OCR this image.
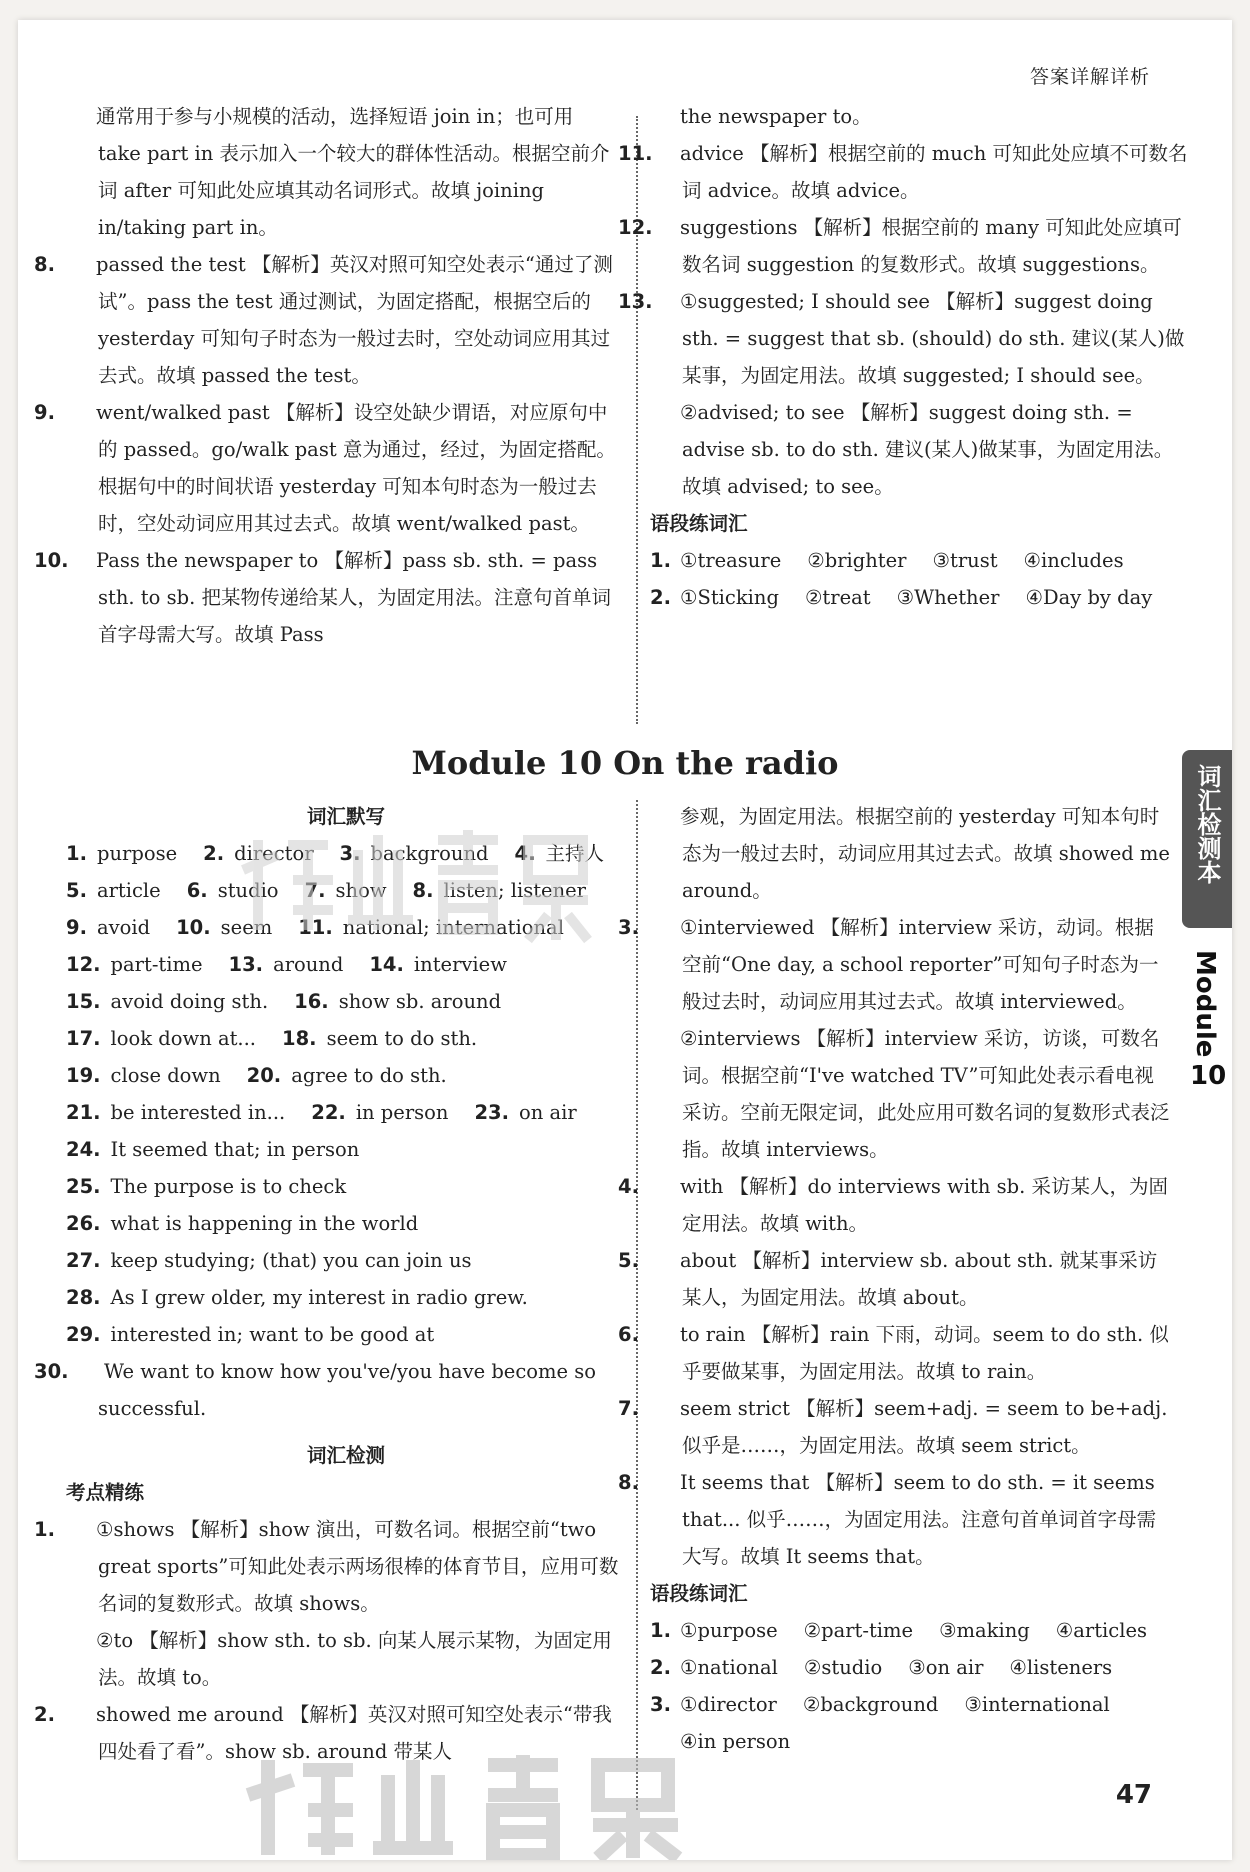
答案详解详析

通常用于参与小规模的活动，选择短语 join in；也可用 take part in 表示加入一个较大的群体性活动。根据空前介词 after 可知此处应填其动名词形式。故填 joining in/taking part in。

8. passed the test 【解析】英汉对照可知空处表示“通过了测试”。pass the test 通过测试，为固定搭配，根据空后的 yesterday 可知句子时态为一般过去时，空处动词应用其过去式。故填 passed the test。

9. went/walked past 【解析】设空处缺少谓语，对应原句中的 passed。go/walk past 意为通过，经过，为固定搭配。根据句中的时间状语 yesterday 可知本句时态为一般过去时，空处动词应用其过去式。故填 went/walked past。

10. Pass the newspaper to 【解析】pass sb. sth. = pass sth. to sb. 把某物传递给某人，为固定用法。注意句首单词首字母需大写。故填 Pass

the newspaper to。

11. advice 【解析】根据空前的 much 可知此处应填不可数名词 advice。故填 advice。

12. suggestions 【解析】根据空前的 many 可知此处应填可数名词 suggestion 的复数形式。故填 suggestions。

13. ①suggested; I should see 【解析】suggest doing sth. = suggest that sb. (should) do sth. 建议(某人)做某事，为固定用法。故填 suggested; I should see。

②advised; to see 【解析】suggest doing sth. = advise sb. to do sth. 建议(某人)做某事，为固定用法。故填 advised; to see。

语段练词汇

1. ①treasure ②brighter ③trust ④includes

2. ①Sticking ②treat ③Whether ④Day by day

Module 10 On the radio

词汇默写

1. purpose 2. director 3. background 4. 主持人

5. article 6. studio 7. show 8. listen; listener

9. avoid 10. seem 11. national; international

12. part-time 13. around 14. interview

15. avoid doing sth. 16. show sb. around

17. look down at... 18. seem to do sth.

19. close down 20. agree to do sth.

21. be interested in... 22. in person 23. on air

24. It seemed that; in person

25. The purpose is to check

26. what is happening in the world

27. keep studying; (that) you can join us

28. As I grew older, my interest in radio grew.

29. interested in; want to be good at

30. We want to know how you've/you have become so successful.

词汇检测

考点精练

1. ①shows 【解析】show 演出，可数名词。根据空前“two great sports”可知此处表示两场很棒的体育节目，应用可数名词的复数形式。故填 shows。

②to 【解析】show sth. to sb. 向某人展示某物，为固定用法。故填 to。

2. showed me around 【解析】英汉对照可知空处表示“带我四处看了看”。show sb. around 带某人

参观，为固定用法。根据空前的 yesterday 可知本句时态为一般过去时，动词应用其过去式。故填 showed me around。

3. ①interviewed 【解析】interview 采访，动词。根据空前“One day, a school reporter”可知句子时态为一般过去时，动词应用其过去式。故填 interviewed。

②interviews 【解析】interview 采访，访谈，可数名词。根据空前“I've watched TV”可知此处表示看电视采访。空前无限定词，此处应用可数名词的复数形式表泛指。故填 interviews。

4. with 【解析】do interviews with sb. 采访某人，为固定用法。故填 with。

5. about 【解析】interview sb. about sth. 就某事采访某人，为固定用法。故填 about。

6. to rain 【解析】rain 下雨，动词。seem to do sth. 似乎要做某事，为固定用法。故填 to rain。

7. seem strict 【解析】seem+adj. = seem to be+adj. 似乎是……，为固定用法。故填 seem strict。

8. It seems that 【解析】seem to do sth. = it seems that... 似乎……，为固定用法。注意句首单词首字母需大写。故填 It seems that。

语段练词汇

1. ①purpose ②part-time ③making ④articles

2. ①national ②studio ③on air ④listeners

3. ①director ②background ③international

④in person

词汇检测本
Module
10
47
